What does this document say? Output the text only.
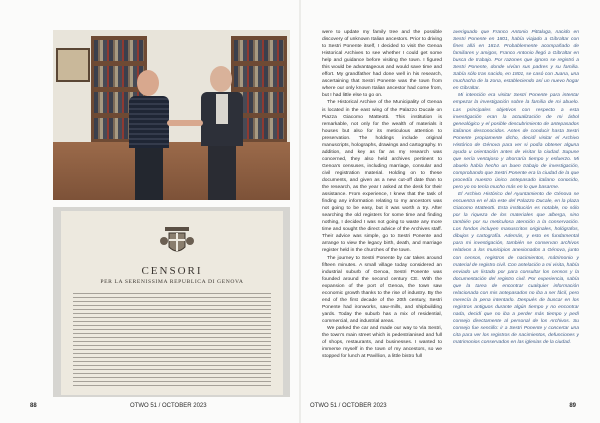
CENSORI
PER LA SERENISSIMA REPUBLICA DI GENOVA

were to update my family tree and the possible discovery of unknown Italian ancestors. Prior to driving to Sestri Ponente itself, I decided to visit the Genoa Historical Archives to see whether I could get some help and guidance before visiting the town. I figured this would be advantageous and would save time and effort. My grandfather had done well in his research, ascertaining that Sestri Ponente was the town from where our only known Italian ancestor had come from, but I had little else to go on.

The Historical Archive of the Municipality of Genoa is located in the east wing of the Palazzo Ducale on Piazza Giacomo Matteotti. This institution is remarkable, not only for the wealth of materials it houses but also for its meticulous attention to preservation. The holdings include original manuscripts, holographs, drawings and cartography. In addition, and key as far as my research was concerned, they also held archives pertinent to Genoa's censuses, including marriage, consular and civil registration material. Holding on to these documents, and given as a new cut-off date than to the research, as the year I asked at the desk for their assistance. From experience, I knew that the task of finding any information relating to my ancestors was not going to be easy, but it was worth a try. After searching the old registers for some time and finding nothing, I decided I was not going to waste any more time and sought the direct advice of the Archives staff. Their advice was simple, go to Sestri Ponente and arrange to view the legacy birth, death, and marriage register held in the churches of the town.

The journey to Sestri Ponente by car takes around fifteen minutes. A small village today considered an industrial suburb of Genoa, Sestri Ponente was founded around the second century CE. With the expansion of the port of Genoa, the town saw economic growth thanks to the rise of industry. By the end of the first decade of the 20th century, Sestri Ponente had ironworks, saw-mills, and shipbuilding yards. Today the suburb has a mix of residential, commercial, and industrial areas.

We parked the car and made our way to Via Sestri, the town's main street which is pedestrianised and full of shops, restaurants, and businesses. I wanted to immerse myself in the town of my ancestors, so we stopped for lunch at Pavillion, a little bistro full

averiguado que Franco Antonio Pittaluga, nacido en Sestri Ponente en 1801, había viajado a Gibraltar con fines allá en 1814. Probablemente acompañado de familiares y amigos, Franco Antonio llegó a Gibraltar en busca de trabajo. Por razones que ignoro se registró a Sestri Ponente, donde vivían sus padres y su familia. Sabía sólo tras nacido, en 1801, se casó con Juana, una muchacha de la zona, estableciendo así un nuevo hogar en Gibraltar.

Mi intención era visitar Sestri Ponente para intentar empezar la investigación sobre la familia de mi abuelo. Las principales objetivos con respecto a esta investigación eran la actualización de mi árbol genealógico y el posible descubrimiento de antepasados italianos desconocidos. Antes de conducir hasta Sestri Ponente propiamente dicho, decidí visitar el Archivo Histórico de Génova para ver si podía obtener alguna ayuda u orientación antes de visitar la ciudad. Supuse que sería ventajoso y ahorraría tiempo y esfuerzo. Mi abuelo había hecho un buen trabajo de investigación, comprobando que Sestri Ponente era la ciudad de la que procedía nuestro único antepasado italiano conocido, pero yo no tenía mucho más en lo que basarme.

El Archivo Histórico del Ayuntamiento de Génova se encuentra en el ala este del Palazzo Ducale, en la plaza Giacomo Matteotti. Esta institución es notable, no sólo por la riqueza de los materiales que alberga, sino también por su meticulosa atención a la conservación. Los fondos incluyen manuscritos originales, hológrafos, dibujos y cartografía. Además, y esto es fundamental para mi investigación, también se conservan archivos relativos a los municipios anexionados a Génova, junto con censos, registros de nacimientos, mátrimonio y material de registro civil. Con antelación a mi visita, había enviado un listado por para consultar los censos y la documentación del registro civil. Por experiencia, sabía que la tarea de encontrar cualquier información relacionada con mis antepasados no iba a ser fácil, pero merecía la pena intentarlo. Después de buscar en los registros antiguos durante algún tiempo y no encontrar nada, decidí que no iba a perder más tiempo y pedí consejo directamente al personal de los Archivos. Su consejo fue sencillo: ir a Sestri Ponente y concertar una cita para ver los registros de nacimientos, defunciones y matrimonios conservados en las iglesias de la ciudad.

88	OTWO 51 / OCTOBER 2023	OTWO 51 / OCTOBER 2023	89
